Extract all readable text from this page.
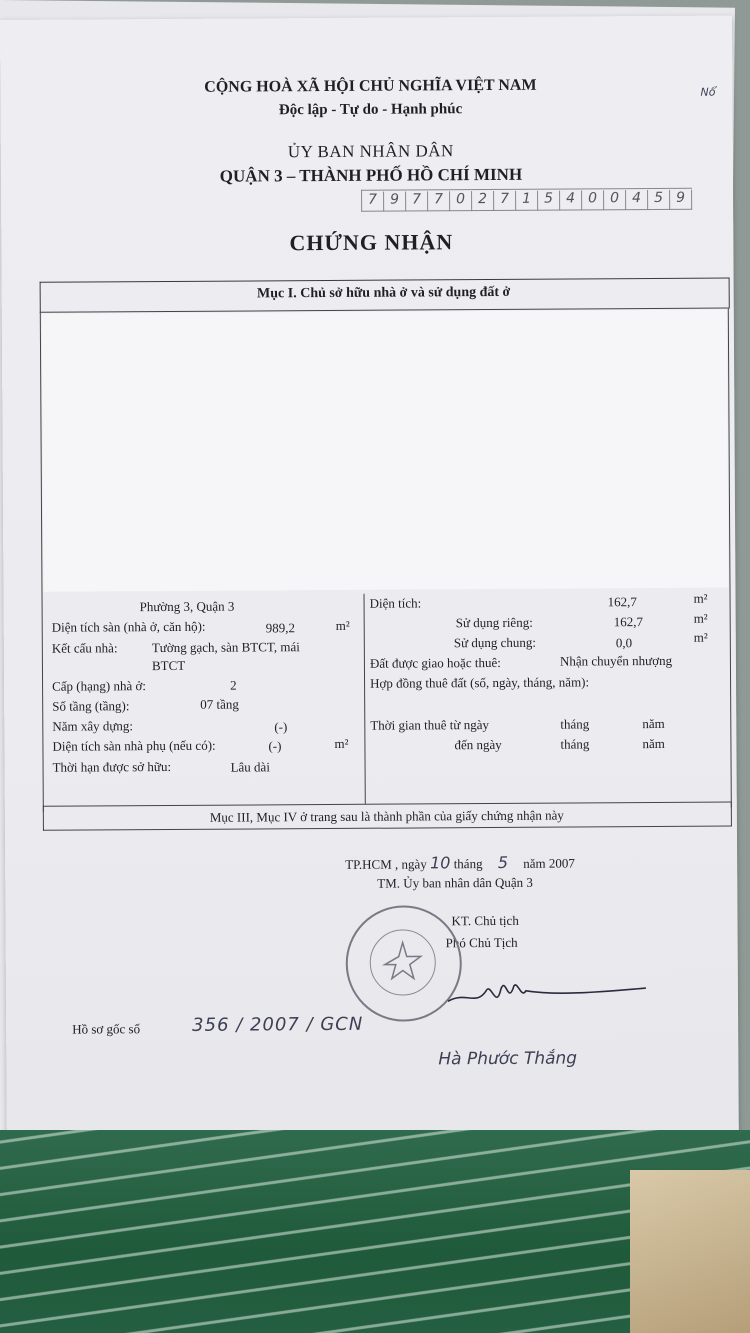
Nổ
CỘNG HOÀ XÃ HỘI CHỦ NGHĨA VIỆT NAM
Độc lập - Tự do - Hạnh phúc
ỦY BAN NHÂN DÂN
QUẬN 3 – THÀNH PHỐ HỒ CHÍ MINH
7 9 7 7 0 2 7 1 5 4 0 0 4 5 9
CHỨNG NHẬN
Mục I. Chủ sở hữu nhà ở và sử dụng đất ở
Phường 3, Quận 3
Diện tích sàn (nhà ở, căn hộ):	989,2	m²
Kết cấu nhà:	Tường gạch, sàn BTCT, mái
BTCT
Cấp (hạng) nhà ở:	2
Số tầng (tầng):	07 tầng
Năm xây dựng:	(-)
Diện tích sàn nhà phụ (nếu có):	(-)	m²
Thời hạn được sở hữu:	Lâu dài
Diện tích:	162,7	m²
Sử dụng riêng:	162,7	m²
Sử dụng chung:	0,0	m²
Đất được giao hoặc thuê:	Nhận chuyển nhượng
Hợp đồng thuê đất (số, ngày, tháng, năm):
Thời gian thuê từ ngày	tháng	năm
đến ngày	tháng	năm
Mục III, Mục IV ở trang sau là thành phần của giấy chứng nhận này
TP.HCM , ngày 10 tháng 5 năm 2007
TM. Ủy ban nhân dân Quận 3
KT. Chủ tịch
Phó Chủ Tịch
Hà Phước Thắng
Hồ sơ gốc số	356 / 2007 / GCN
